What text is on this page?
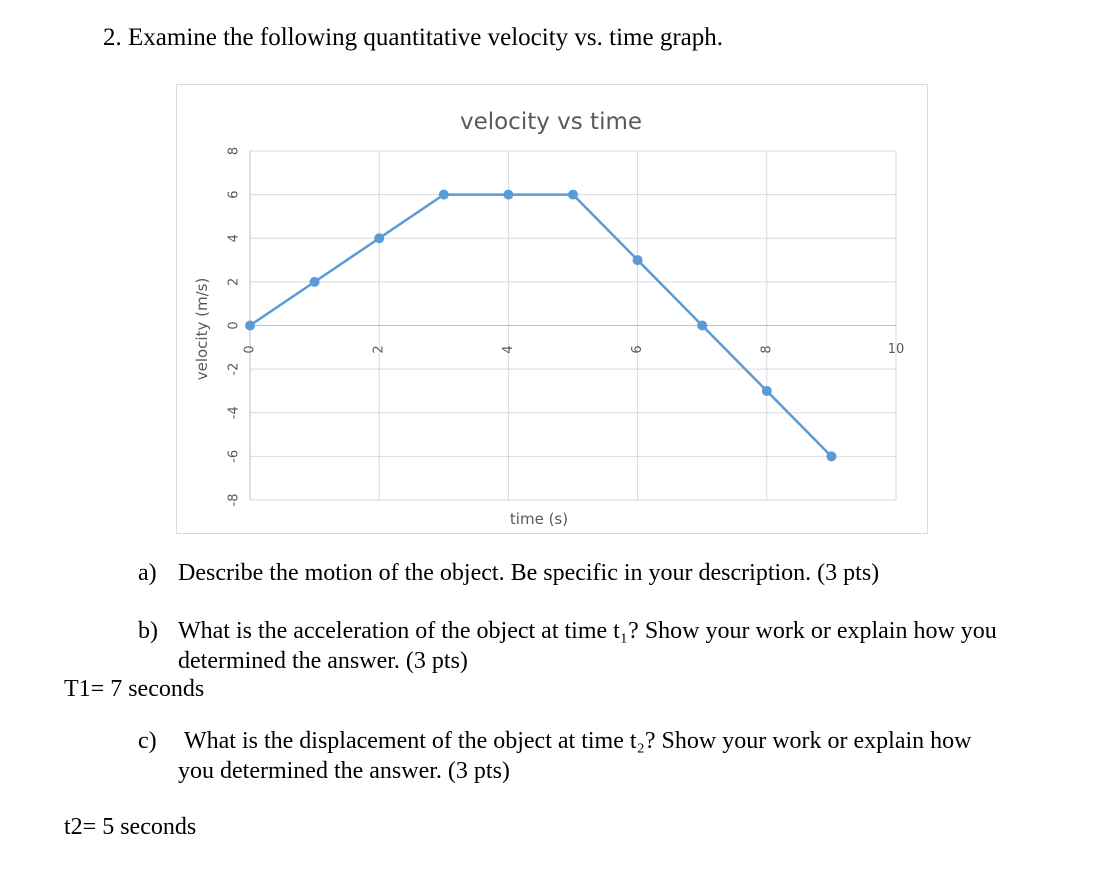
2. Examine the following quantitative velocity vs. time graph.
velocity vs time
8
6
4
2
0
-2
-4
-6
-8
0	2	4	6	8	10
time (s)
velocity (m/s)
a) Describe the motion of the object. Be specific in your description. (3 pts)
b) What is the acceleration of the object at time t₁? Show your work or explain how you
determined the answer. (3 pts)
T1= 7 seconds
c) What is the displacement of the object at time t₂? Show your work or explain how
you determined the answer. (3 pts)
t2= 5 seconds
